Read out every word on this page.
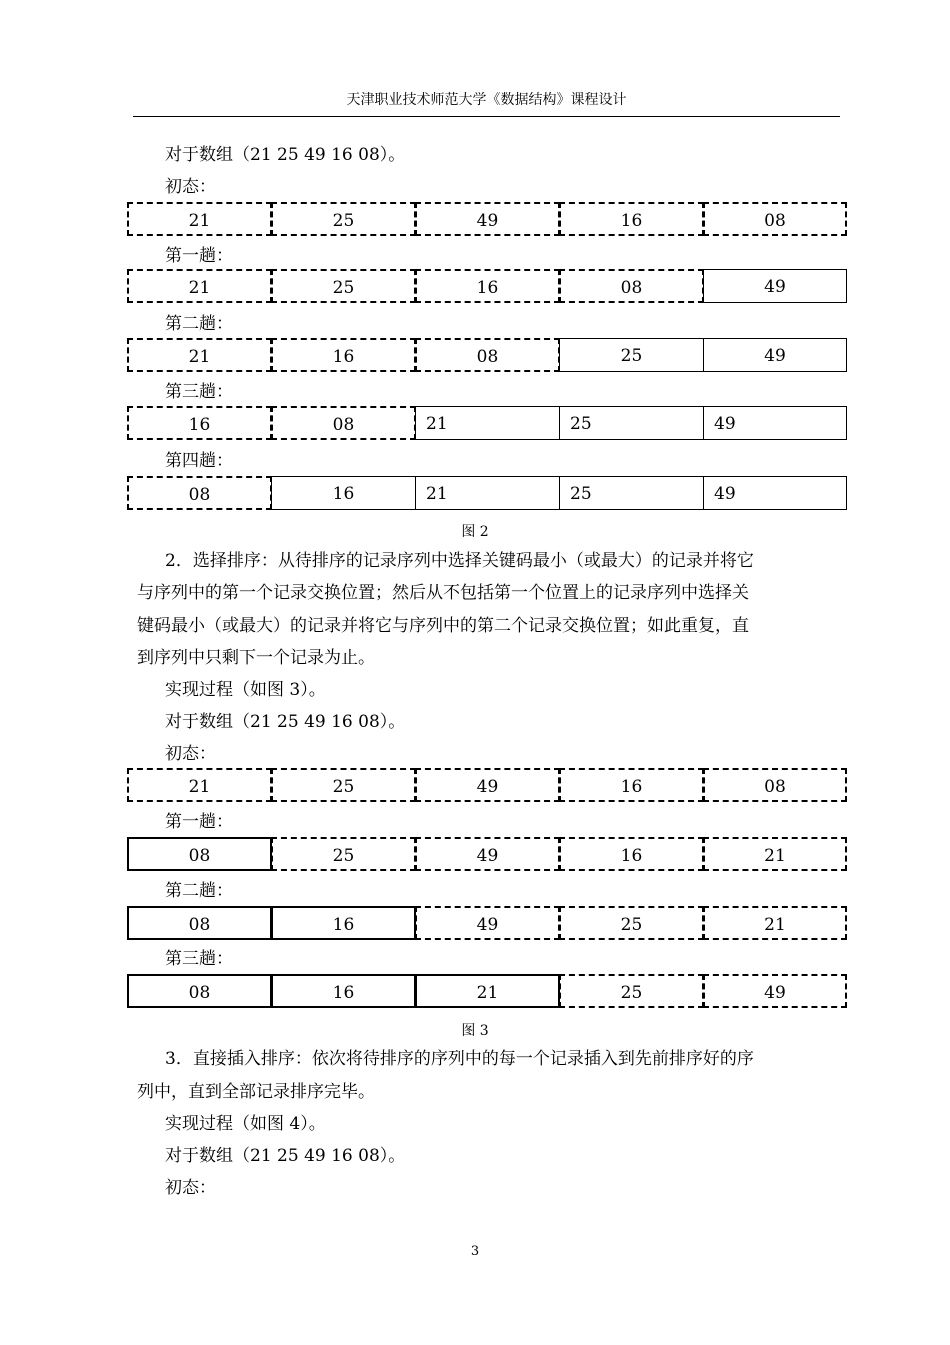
天津职业技术师范大学《数据结构》课程设计
对于数组（21 25 49 16 08）。
初态：
21	25	49	16	08
第一趟：
21	25	16	08	49
第二趟：
21	16	08	25	49
第三趟：
16	08	21	25	49
第四趟：
08	16	21	25	49
图 2
2．选择排序：从待排序的记录序列中选择关键码最小（或最大）的记录并将它
与序列中的第一个记录交换位置；然后从不包括第一个位置上的记录序列中选择关
键码最小（或最大）的记录并将它与序列中的第二个记录交换位置；如此重复，直
到序列中只剩下一个记录为止。
实现过程（如图 3）。
对于数组（21 25 49 16 08）。
初态：
21	25	49	16	08
第一趟：
08	25	49	16	21
第二趟：
08	16	49	25	21
第三趟：
08	16	21	25	49
图 3
3．直接插入排序：依次将待排序的序列中的每一个记录插入到先前排序好的序
列中，直到全部记录排序完毕。
实现过程（如图 4）。
对于数组（21 25 49 16 08）。
初态：
3
